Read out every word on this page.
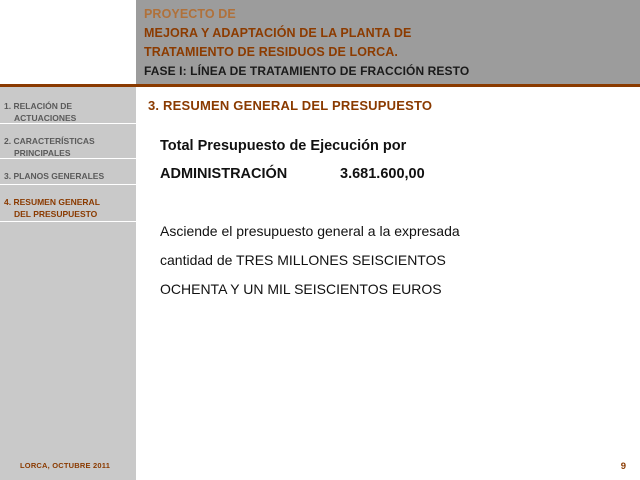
PROYECTO DE
MEJORA Y ADAPTACIÓN DE LA PLANTA DE
TRATAMIENTO DE RESIDUOS DE LORCA.
FASE I: LÍNEA DE TRATAMIENTO DE FRACCIÓN RESTO
1. RELACIÓN DE
ACTUACIONES
2. CARACTERÍSTICAS
PRINCIPALES
3. PLANOS GENERALES
4. RESUMEN GENERAL
DEL PRESUPUESTO
LORCA, OCTUBRE 2011
3. RESUMEN GENERAL DEL PRESUPUESTO
Total Presupuesto de Ejecución por
ADMINISTRACIÓN	3.681.600,00
Asciende el presupuesto general a la expresada
cantidad de TRES MILLONES SEISCIENTOS
OCHENTA Y UN MIL SEISCIENTOS EUROS
9
